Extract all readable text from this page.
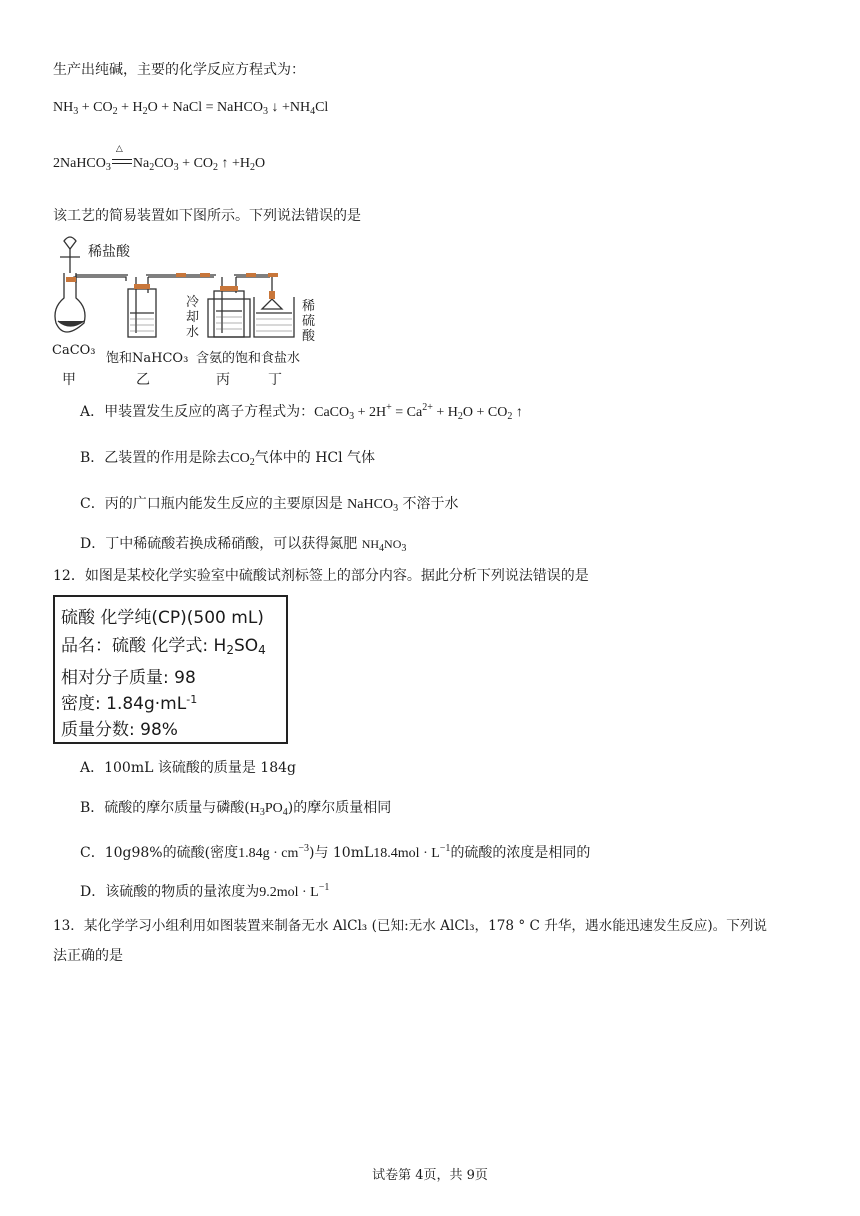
生产出纯碱，主要的化学反应方程式为：
$NH_3 + CO_2 + H_2O$ + NaCl = NaHCO$_3$ ↓ $+NH_4Cl$
2NaHCO$_3$
△
$Na_2CO_3 + CO_2$ ↑ $+H_2O$
该工艺的简易装置如下图所示。下列说法错误的是
稀盐酸
CaCO₃
饱和NaHCO₃
冷
却
水
含氨的饱和食盐水
稀
硫
酸
甲	乙	丙	丁
A．甲装置发生反应的离子方程式为：CaCO$_3$ + $2H^+ = Ca^{2+} + H_2O + CO_2$ ↑
B．乙装置的作用是除去$CO_2$气体中的 HCl 气体
C．丙的广口瓶内能发生反应的主要原因是 NaHCO$_3$ 不溶于水
D．丁中稀硫酸若换成稀硝酸，可以获得氮肥 $NH_4NO_3$
12．如图是某校化学实验室中硫酸试剂标签上的部分内容。据此分析下列说法错误的是
硫酸 化学纯(CP)(500 mL)
品名：硫酸 化学式: $H_2SO_4$
相对分子质量: 98
密度: $1.84g\cdot mL^{-1}$
质量分数: 98%
A．100mL 该硫酸的质量是 184g
B．硫酸的摩尔质量与磷酸$(H_3PO_4)$的摩尔质量相同
C．10g98%的硫酸(密度$1.84g \cdot cm^{-3}$)与 $10mL18.4mol \cdot L^{-1}$的硫酸的浓度是相同的
D．该硫酸的物质的量浓度为$9.2mol \cdot L^{-1}$
13．某化学学习小组利用如图装置来制备无水 AlCl₃ (已知:无水 AlCl₃，178 ° C 升华，遇水能迅速发生反应)。下列说
法正确的是
试卷第 4页，共 9页
